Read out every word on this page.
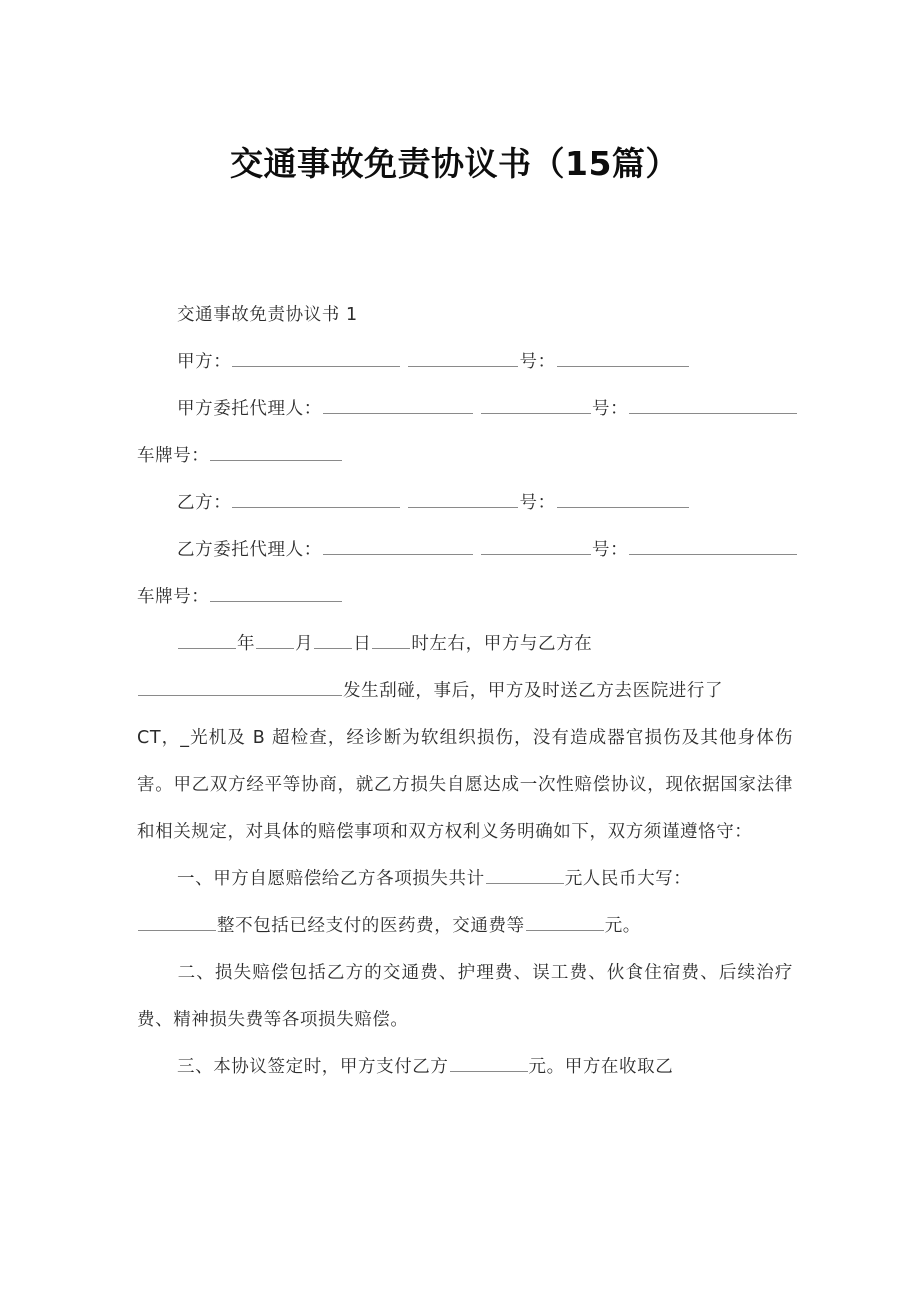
交通事故免责协议书（15篇）
交通事故免责协议书 1
甲方：	号：
甲方委托代理人：	号：
车牌号：
乙方：	号：
乙方委托代理人：	号：
车牌号：
年 月 日 时左右，甲方与乙方在
发生刮碰，事后，甲方及时送乙方去医院进行了
CT，_光机及 B 超检查，经诊断为软组织损伤，没有造成器官损伤及其他身体伤害。甲乙双方经平等协商，就乙方损失自愿达成一次性赔偿协议，现依据国家法律和相关规定，对具体的赔偿事项和双方权利义务明确如下，双方须谨遵恪守：
一、甲方自愿赔偿给乙方各项损失共计	元人民币大写：
整不包括已经支付的医药费，交通费等	元。
二、损失赔偿包括乙方的交通费、护理费、误工费、伙食住宿费、后续治疗费、精神损失费等各项损失赔偿。
三、本协议签定时，甲方支付乙方	元。甲方在收取乙
